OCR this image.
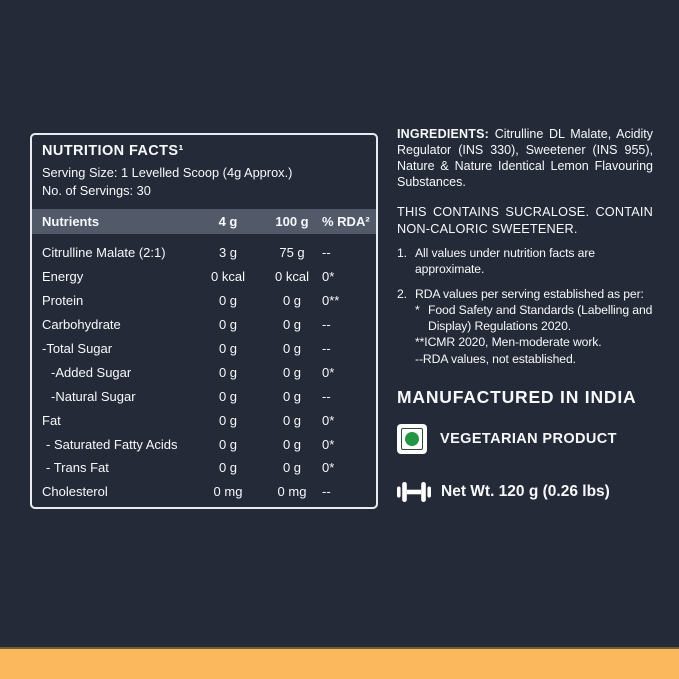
NUTRITION FACTS¹
Serving Size: 1 Levelled Scoop (4g Approx.)
No. of Servings: 30
Nutrients	4 g	100 g	% RDA²
Citrulline Malate (2:1)	3 g	75 g	--
Energy	0 kcal	0 kcal	0*
Protein	0 g	0 g	0**
Carbohydrate	0 g	0 g	--
-Total Sugar	0 g	0 g	--
-Added Sugar	0 g	0 g	0*
-Natural Sugar	0 g	0 g	--
Fat	0 g	0 g	0*
- Saturated Fatty Acids	0 g	0 g	0*
- Trans Fat	0 g	0 g	0*
Cholesterol	0 mg	0 mg	--

INGREDIENTS: Citrulline DL Malate, Acidity Regulator (INS 330), Sweetener (INS 955), Nature & Nature Identical Lemon Flavouring Substances.

THIS CONTAINS SUCRALOSE. CONTAIN NON-CALORIC SWEETENER.

1. All values under nutrition facts are approximate.
2. RDA values per serving established as per:
* Food Safety and Standards (Labelling and Display) Regulations 2020.
**ICMR 2020, Men-moderate work.
--RDA values, not established.
MANUFACTURED IN INDIA
VEGETARIAN PRODUCT
Net Wt. 120 g (0.26 lbs)
